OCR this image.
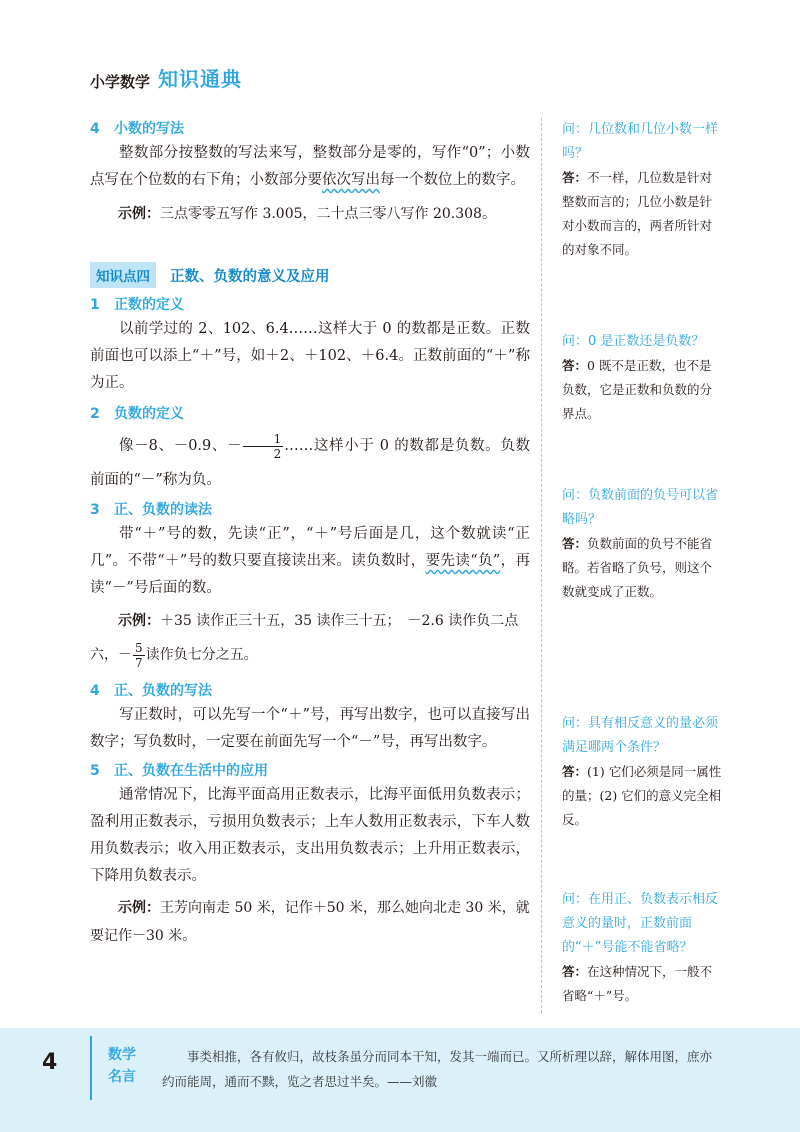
小学数学 知识通典
4 小数的写法
整数部分按整数的写法来写，整数部分是零的，写作“0”；小数点写在个位数的右下角；小数部分要依次写出每一个数位上的数字。
示例：三点零零五写作 3.005，二十点三零八写作 20.308。
知识点四	正数、负数的意义及应用
1 正数的定义
以前学过的 2、102、6.4……这样大于 0 的数都是正数。正数前面也可以添上“＋”号，如＋2、＋102、＋6.4。正数前面的“＋”称为正。
2 负数的定义
像－8、－0.9、－ $\frac{1}{2}$ ……这样小于 0 的数都是负数。负数前面的“－”称为负。
3 正、负数的读法
带“＋”号的数，先读“正”，“＋”号后面是几，这个数就读“正几”。不带“＋”号的数只要直接读出来。读负数时，要先读“负”，再读“－”号后面的数。
示例：＋35 读作正三十五，35 读作三十五；　－2.6 读作负二点六，－ $\frac{5}{7}$ 读作负七分之五。
4 正、负数的写法
写正数时，可以先写一个“＋”号，再写出数字，也可以直接写出数字；写负数时，一定要在前面先写一个“－”号，再写出数字。
5 正、负数在生活中的应用
通常情况下，比海平面高用正数表示，比海平面低用负数表示；盈利用正数表示，亏损用负数表示；上车人数用正数表示，下车人数用负数表示；收入用正数表示，支出用负数表示；上升用正数表示，下降用负数表示。
示例：王芳向南走 50 米，记作＋50 米，那么她向北走 30 米，就要记作－30 米。
问：几位数和几位小数一样吗？
答：不一样，几位数是针对整数而言的；几位小数是针对小数而言的，两者所针对的对象不同。
问：0 是正数还是负数？
答：0 既不是正数，也不是负数，它是正数和负数的分界点。
问：负数前面的负号可以省略吗？
答：负数前面的负号不能省略。若省略了负号，则这个数就变成了正数。
问：具有相反意义的量必须满足哪两个条件？
答：(1) 它们必须是同一属性的量；(2) 它们的意义完全相反。
问：在用正、负数表示相反意义的量时，正数前面的“＋”号能不能省略？
答：在这种情况下，一般不省略“＋”号。
4	数学
名言
事类相推，各有攸归，故枝条虽分而同本干知，发其一端而已。又所析理以辞，解体用图，庶亦约而能周，通而不黩，览之者思过半矣。——刘徽
